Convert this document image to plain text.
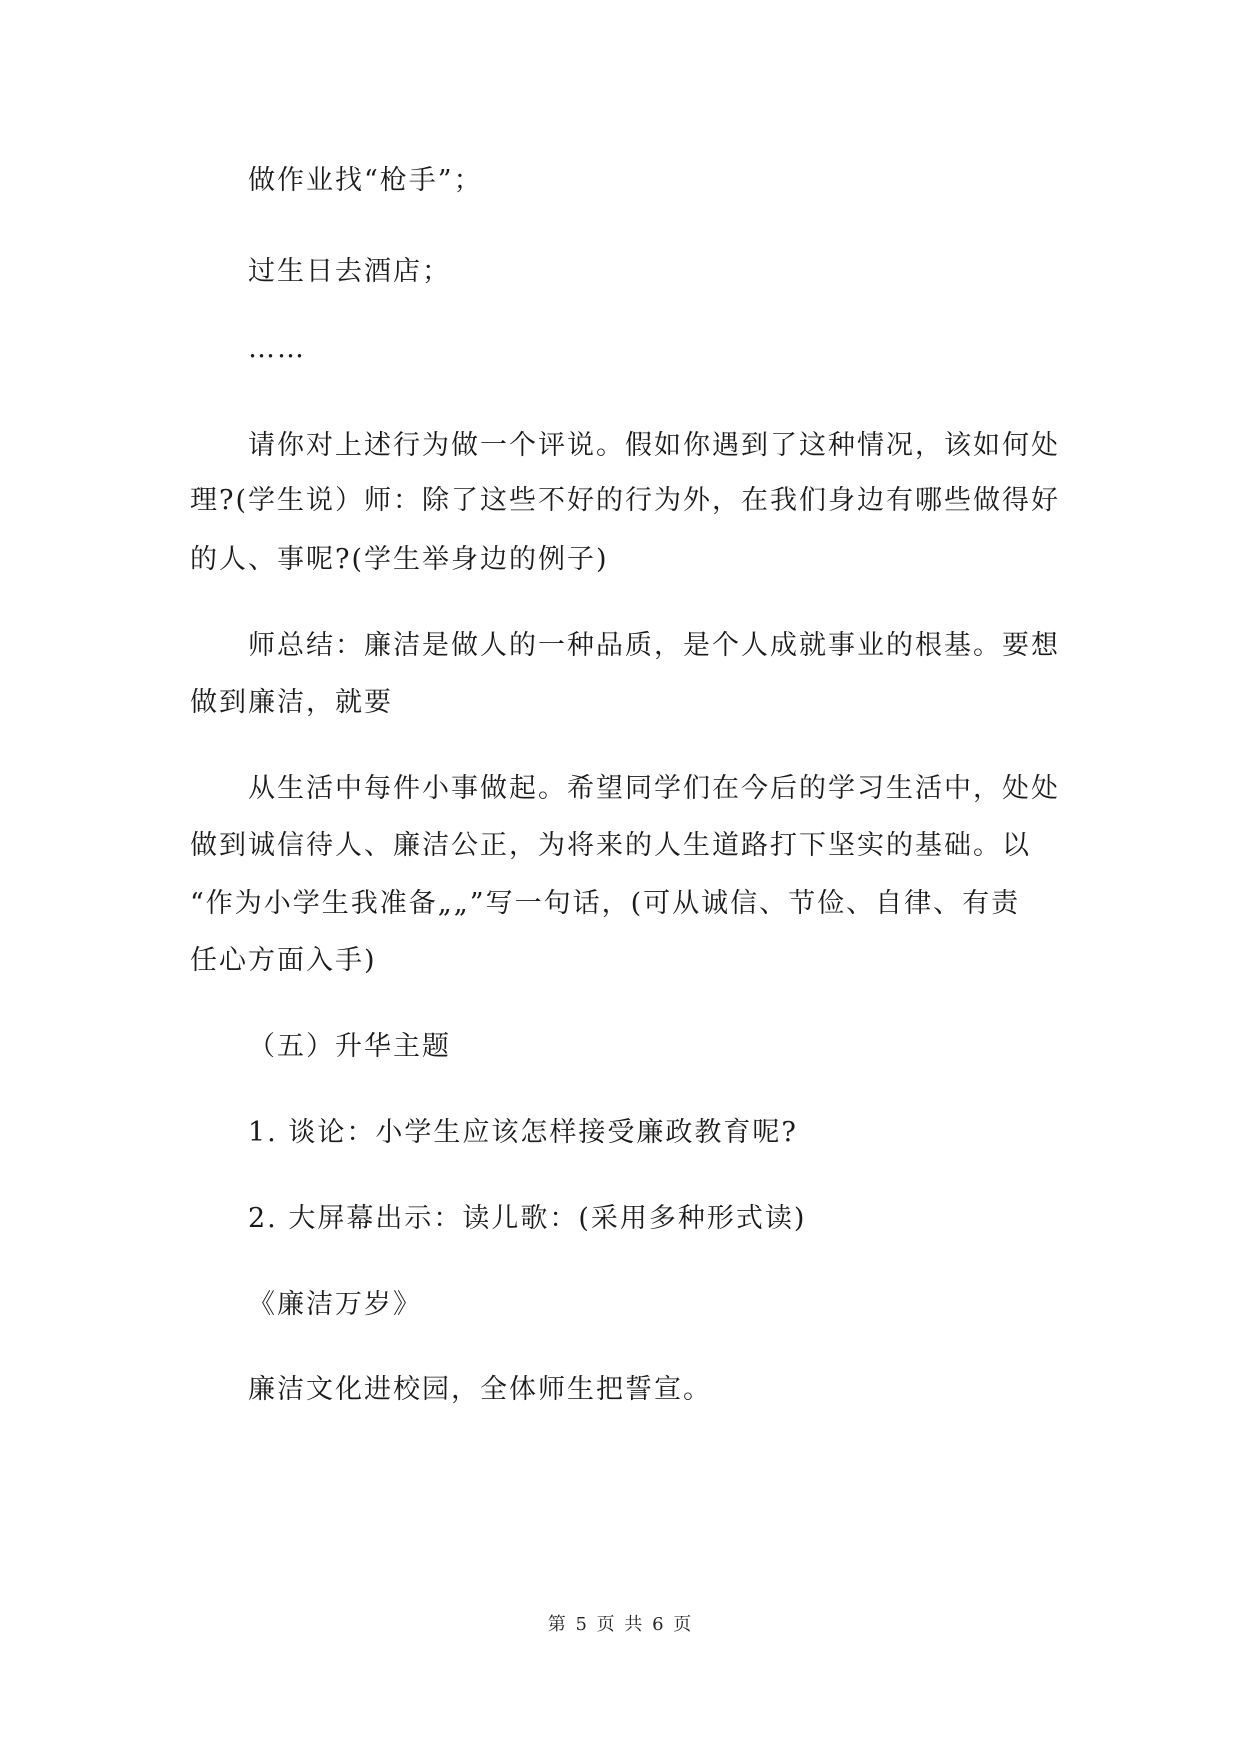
做作业找“枪手”；
过生日去酒店；
……
请你对上述行为做一个评说。假如你遇到了这种情况，该如何处
理?(学生说）师：除了这些不好的行为外，在我们身边有哪些做得好
的人、事呢?(学生举身边的例子)
师总结：廉洁是做人的一种品质，是个人成就事业的根基。要想
做到廉洁，就要
从生活中每件小事做起。希望同学们在今后的学习生活中，处处
做到诚信待人、廉洁公正，为将来的人生道路打下坚实的基础。以
“作为小学生我准备„„”写一句话，(可从诚信、节俭、自律、有责
任心方面入手)
（五）升华主题
1. 谈论：小学生应该怎样接受廉政教育呢?
2. 大屏幕出示：读儿歌：(采用多种形式读)
《廉洁万岁》
廉洁文化进校园，全体师生把誓宣。
第 5 页 共 6 页
